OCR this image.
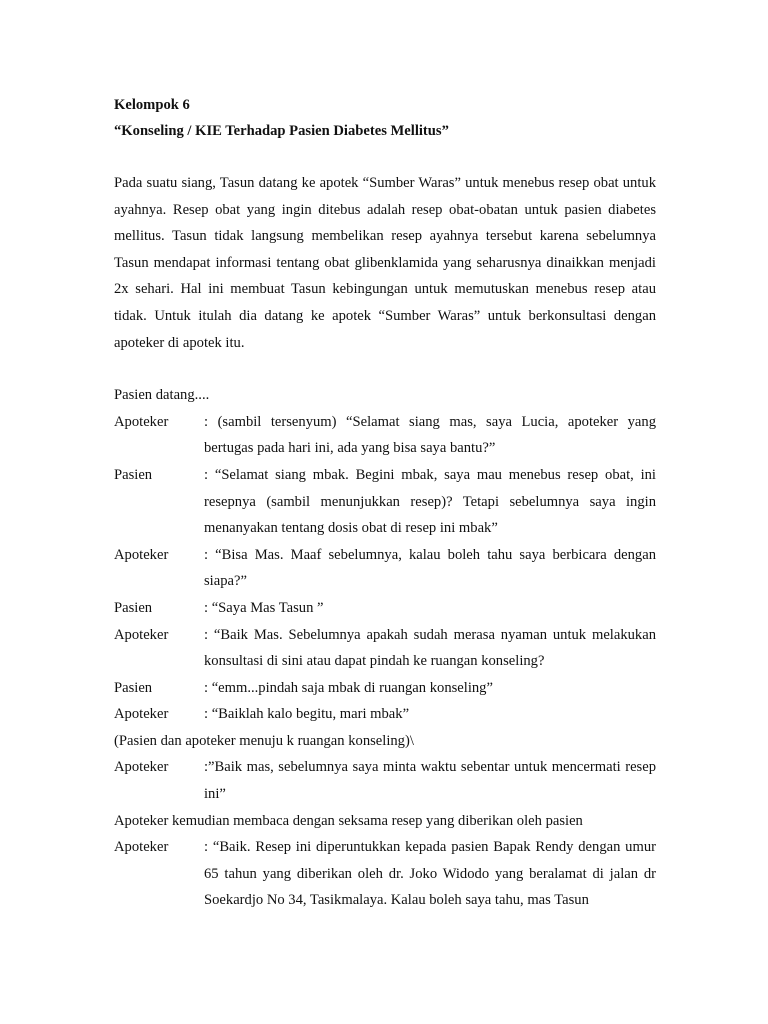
Kelompok 6

“Konseling / KIE Terhadap Pasien Diabetes Mellitus”

Pada suatu siang, Tasun datang ke apotek “Sumber Waras” untuk menebus resep obat untuk ayahnya. Resep obat yang ingin ditebus adalah resep obat-obatan untuk pasien diabetes mellitus. Tasun tidak langsung membelikan resep ayahnya tersebut karena sebelumnya Tasun mendapat informasi tentang obat glibenklamida yang seharusnya dinaikkan menjadi 2x sehari. Hal ini membuat Tasun kebingungan untuk memutuskan menebus resep atau tidak. Untuk itulah dia datang ke apotek “Sumber Waras” untuk berkonsultasi dengan apoteker di apotek itu.

Pasien datang....

Apoteker	: (sambil tersenyum) “Selamat siang mas, saya Lucia, apoteker yang bertugas pada hari ini, ada yang bisa saya bantu?”
Pasien	: “Selamat siang mbak. Begini mbak, saya mau menebus resep obat, ini resepnya (sambil menunjukkan resep)? Tetapi sebelumnya saya ingin menanyakan tentang dosis obat di resep ini mbak”
Apoteker	: “Bisa Mas. Maaf sebelumnya, kalau boleh tahu saya berbicara dengan siapa?”
Pasien	: “Saya Mas Tasun ”
Apoteker	: “Baik Mas. Sebelumnya apakah sudah merasa nyaman untuk melakukan konsultasi di sini atau dapat pindah ke ruangan konseling?
Pasien	: “emm...pindah saja mbak di ruangan konseling”
Apoteker	: “Baiklah kalo begitu, mari mbak”

(Pasien dan apoteker menuju k ruangan konseling)\

Apoteker	:”Baik mas, sebelumnya saya minta waktu sebentar untuk mencermati resep ini”

Apoteker kemudian membaca dengan seksama resep yang diberikan oleh pasien

Apoteker	: “Baik. Resep ini diperuntukkan kepada pasien Bapak Rendy dengan umur 65 tahun yang diberikan oleh dr. Joko Widodo yang beralamat di jalan dr Soekardjo No 34, Tasikmalaya. Kalau boleh saya tahu, mas Tasun
